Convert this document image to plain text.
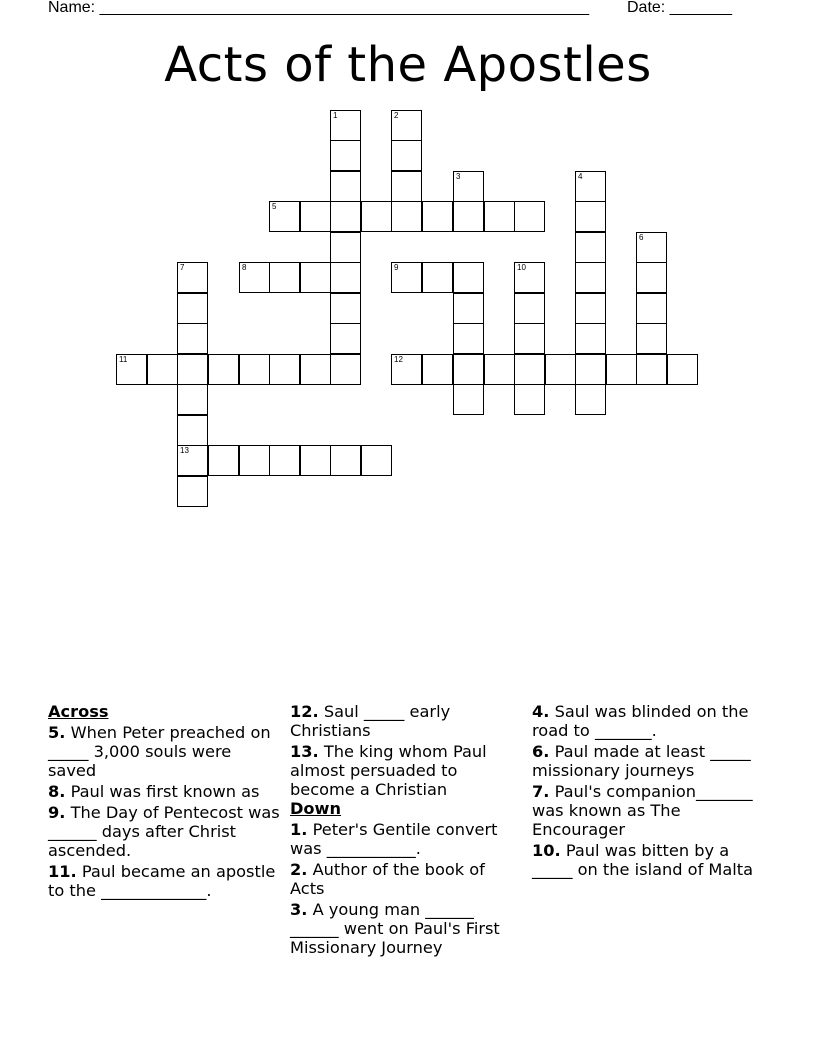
Name: _______________________________________________________ Date: _______
Acts of the Apostles
1	2
3	4
5
6
7	8	9	10
11	12
13

Across

5. When Peter preached on _____ 3,000 souls were saved

8. Paul was first known as

9. The Day of Pentecost was ______ days after Christ ascended.

11. Paul became an apostle to the _____________.

12. Saul _____ early Christians

13. The king whom Paul almost persuaded to become a Christian

Down

1. Peter's Gentile convert was ___________.

2. Author of the book of Acts

3. A young man ______ ______ went on Paul's First Missionary Journey

4. Saul was blinded on the road to _______.

6. Paul made at least _____ missionary journeys

7. Paul's companion_______ was known as The Encourager

10. Paul was bitten by a _____ on the island of Malta
